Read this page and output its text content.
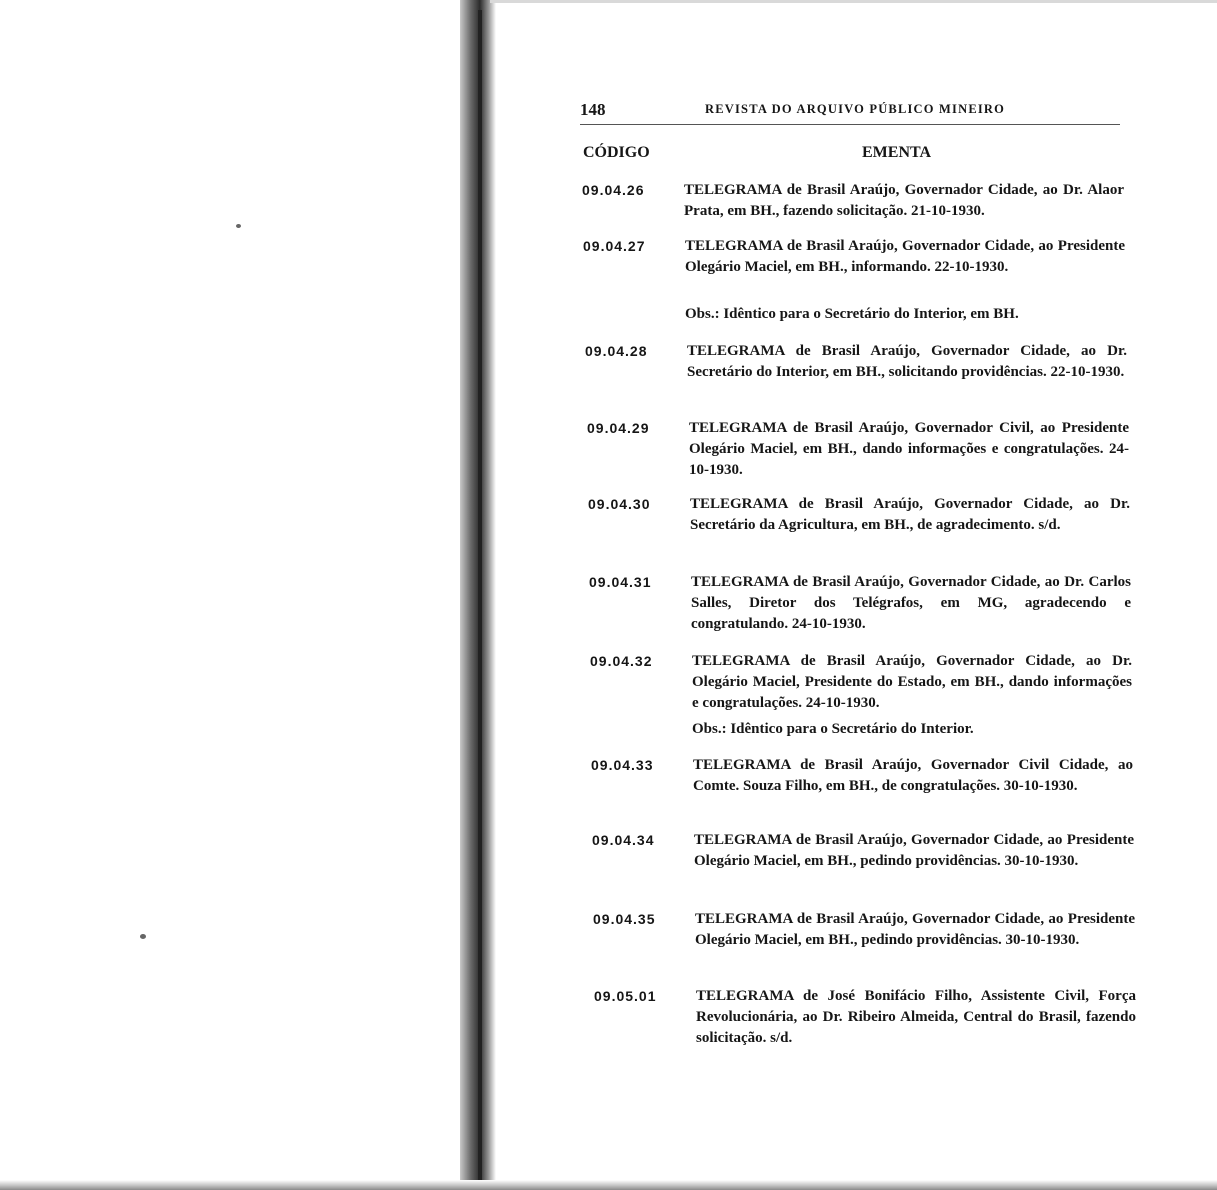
148	REVISTA DO ARQUIVO PÚBLICO MINEIRO
CÓDIGO	EMENTA
09.04.26	TELEGRAMA de Brasil Araújo, Governador Cidade, ao Dr. Alaor Prata, em BH., fazendo solicitação. 21-10-1930.
09.04.27	TELEGRAMA de Brasil Araújo, Governador Cidade, ao Presidente Olegário Maciel, em BH., informando. 22-10-1930.
Obs.: Idêntico para o Secretário do Interior, em BH.
09.04.28	TELEGRAMA de Brasil Araújo, Governador Cidade, ao Dr. Secretário do Interior, em BH., solicitando providências. 22-10-1930.
09.04.29	TELEGRAMA de Brasil Araújo, Governador Civil, ao Presidente Olegário Maciel, em BH., dando informações e congratulações. 24-10-1930.
09.04.30	TELEGRAMA de Brasil Araújo, Governador Cidade, ao Dr. Secretário da Agricultura, em BH., de agradecimento. s/d.
09.04.31	TELEGRAMA de Brasil Araújo, Governador Cidade, ao Dr. Carlos Salles, Diretor dos Telégrafos, em MG, agradecendo e congratulando. 24-10-1930.
09.04.32	TELEGRAMA de Brasil Araújo, Governador Cidade, ao Dr. Olegário Maciel, Presidente do Estado, em BH., dando informações e congratulações. 24-10-1930.
Obs.: Idêntico para o Secretário do Interior.
09.04.33	TELEGRAMA de Brasil Araújo, Governador Civil Cidade, ao Comte. Souza Filho, em BH., de congratulações. 30-10-1930.
09.04.34	TELEGRAMA de Brasil Araújo, Governador Cidade, ao Presidente Olegário Maciel, em BH., pedindo providências. 30-10-1930.
09.04.35	TELEGRAMA de Brasil Araújo, Governador Cidade, ao Presidente Olegário Maciel, em BH., pedindo providências. 30-10-1930.
09.05.01	TELEGRAMA de José Bonifácio Filho, Assistente Civil, Força Revolucionária, ao Dr. Ribeiro Almeida, Central do Brasil, fazendo solicitação. s/d.
